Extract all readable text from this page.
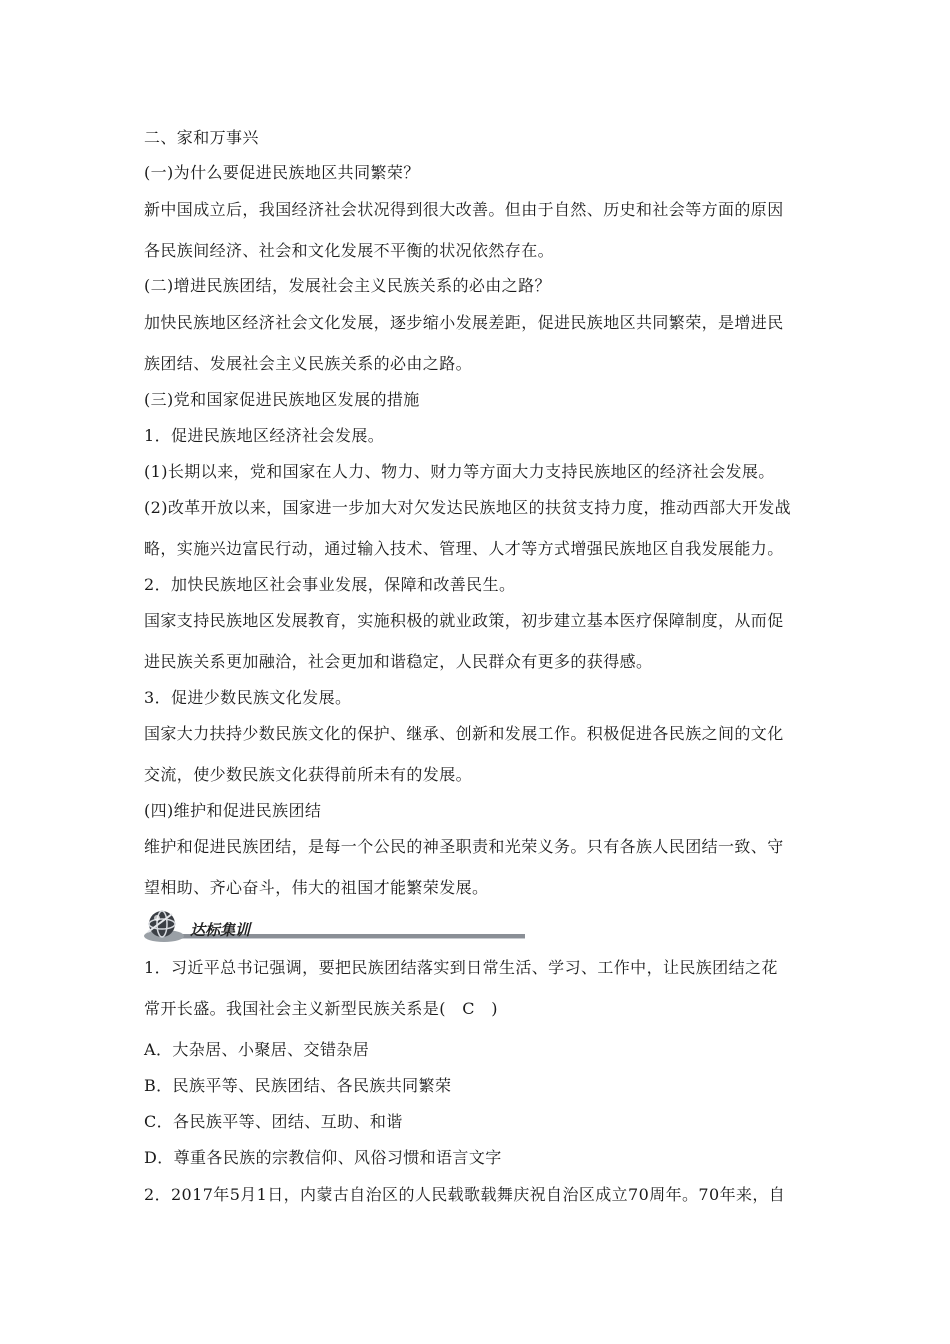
二、家和万事兴
(一)为什么要促进民族地区共同繁荣？
新中国成立后，我国经济社会状况得到很大改善。但由于自然、历史和社会等方面的原因
各民族间经济、社会和文化发展不平衡的状况依然存在。
(二)增进民族团结，发展社会主义民族关系的必由之路？
加快民族地区经济社会文化发展，逐步缩小发展差距，促进民族地区共同繁荣，是增进民
族团结、发展社会主义民族关系的必由之路。
(三)党和国家促进民族地区发展的措施
1．促进民族地区经济社会发展。
(1)长期以来，党和国家在人力、物力、财力等方面大力支持民族地区的经济社会发展。
(2)改革开放以来，国家进一步加大对欠发达民族地区的扶贫支持力度，推动西部大开发战
略，实施兴边富民行动，通过输入技术、管理、人才等方式增强民族地区自我发展能力。
2．加快民族地区社会事业发展，保障和改善民生。
国家支持民族地区发展教育，实施积极的就业政策，初步建立基本医疗保障制度，从而促
进民族关系更加融洽，社会更加和谐稳定，人民群众有更多的获得感。
3．促进少数民族文化发展。
国家大力扶持少数民族文化的保护、继承、创新和发展工作。积极促进各民族之间的文化
交流，使少数民族文化获得前所未有的发展。
(四)维护和促进民族团结
维护和促进民族团结，是每一个公民的神圣职责和光荣义务。只有各族人民团结一致、守
望相助、齐心奋斗，伟大的祖国才能繁荣发展。
达标集训
1．习近平总书记强调，要把民族团结落实到日常生活、学习、工作中，让民族团结之花
常开长盛。我国社会主义新型民族关系是(　C　)
A．大杂居、小聚居、交错杂居
B．民族平等、民族团结、各民族共同繁荣
C．各民族平等、团结、互助、和谐
D．尊重各民族的宗教信仰、风俗习惯和语言文字
2．2017年5月1日，内蒙古自治区的人民载歌载舞庆祝自治区成立70周年。70年来，自
